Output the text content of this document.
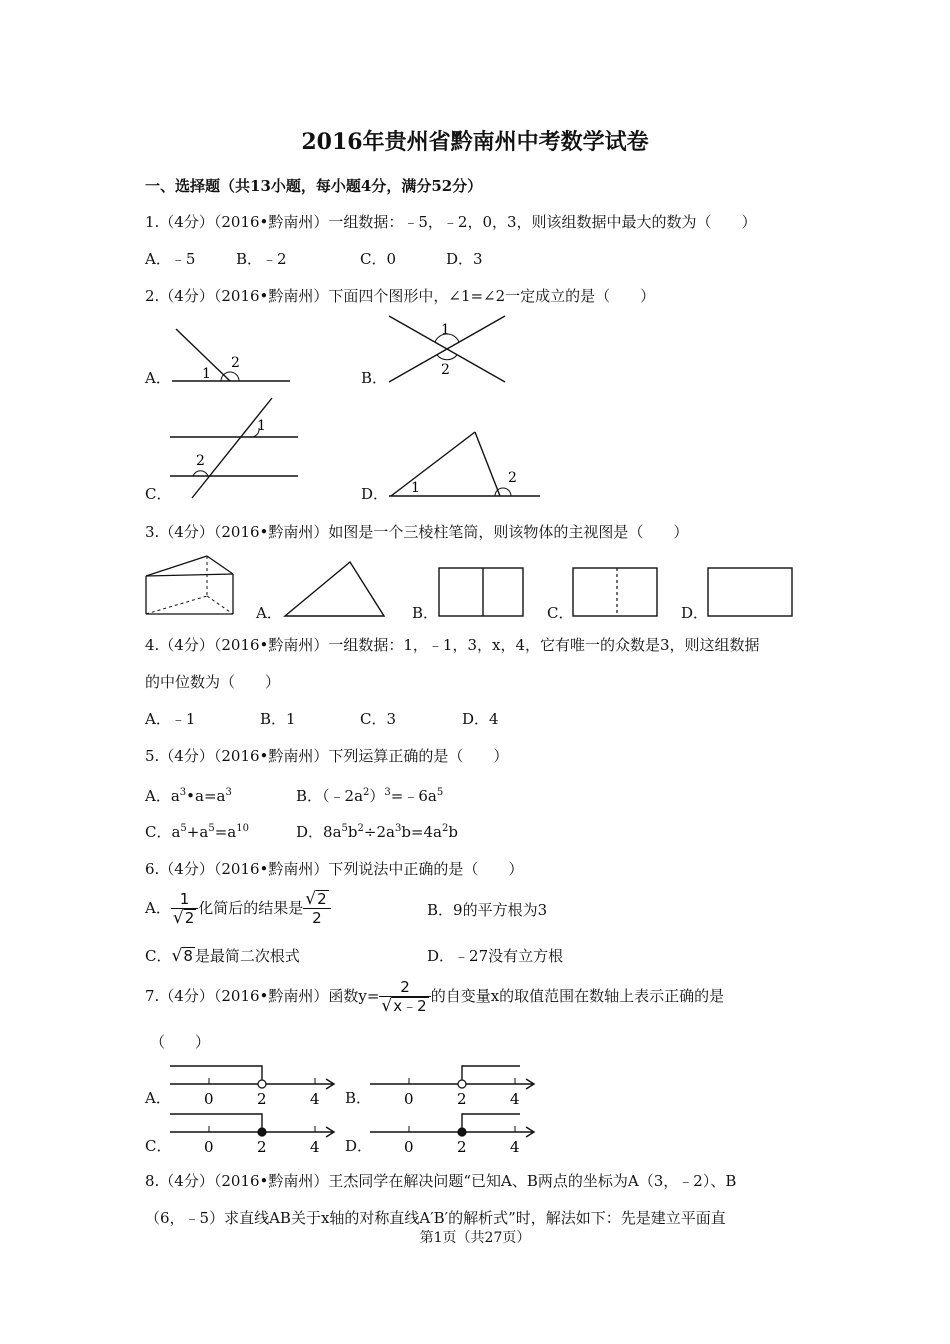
2016年贵州省黔南州中考数学试卷
一、选择题（共13小题，每小题4分，满分52分）
1.（4分）（2016•黔南州）一组数据：﹣5，﹣2，0，3，则该组数据中最大的数为（　　）
A．﹣5	B．﹣2	C．0	D．3
2.（4分）（2016•黔南州）下面四个图形中，∠1=∠2一定成立的是（　　）
A．	B．
C．	D．
1
2
1
2
1
2
1
2
3.（4分）（2016•黔南州）如图是一个三棱柱笔筒，则该物体的主视图是（　　）
A．	B．	C．	D．
4.（4分）（2016•黔南州）一组数据：1，﹣1，3，x，4，它有唯一的众数是3，则这组数据
的中位数为（　　）
A．﹣1	B．1	C．3	D．4
5.（4分）（2016•黔南州）下列运算正确的是（　　）
A．$a^3•a=a^3$	B．$(﹣2a^2)^3=﹣6a^5$
C．$a^5+a^5=a^{10}$	D．$8a^5b^2\div 2a^3b=4a^2b$
6.（4分）（2016•黔南州）下列说法中正确的是（　　）
A． $\frac{1}{√2}$ 化简后的结果是 $\frac{√2}{2}$	B．9的平方根为3
C．√8 是最简二次根式	D．﹣27没有立方根
7.（4分）（2016•黔南州）函数$y= \frac{2}{√x﹣2}$ 的自变量x的取值范围在数轴上表示正确的是
（　　）
A． 0	2	4 B． 0	2	4
C． 0	2	4 D． 0	2	4
8.（4分）（2016•黔南州）王杰同学在解决问题“已知A、B两点的坐标为A（3，﹣2）、B
（6，﹣5）求直线AB关于x轴的对称直线A′B′的解析式”时，解法如下：先是建立平面直
第1页（共27页）
